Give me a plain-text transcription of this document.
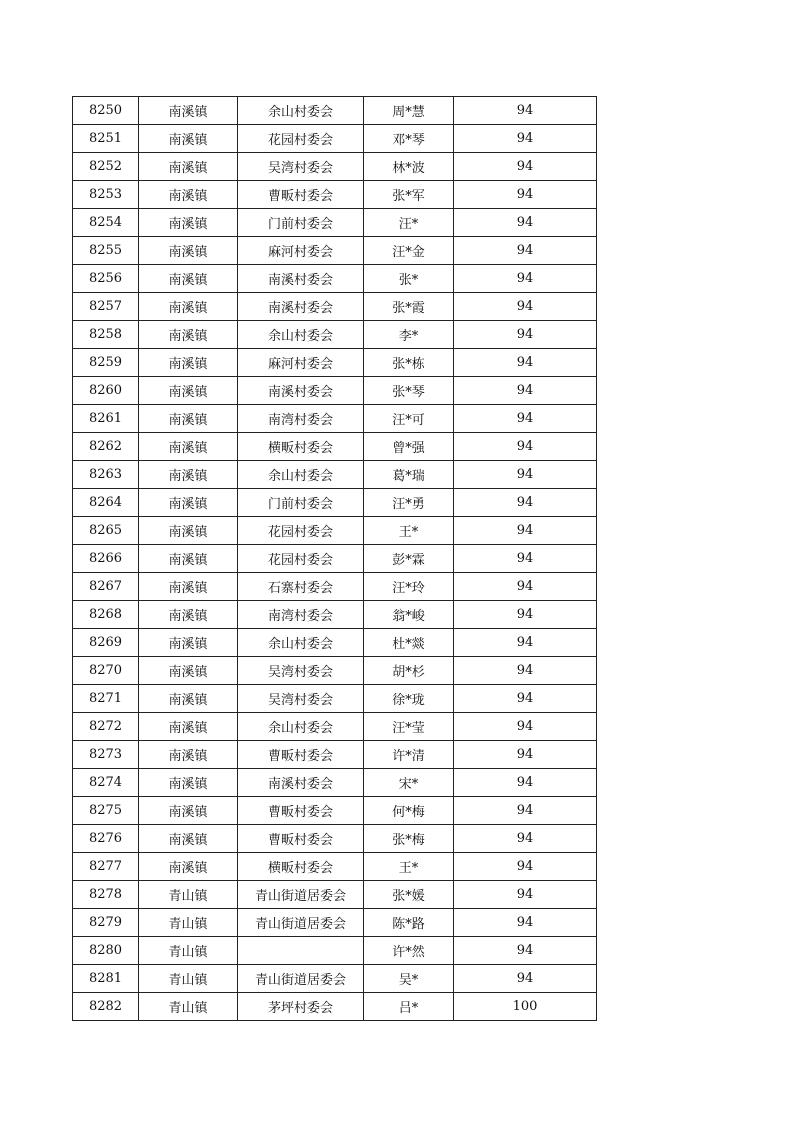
8250	南溪镇	余山村委会	周*慧	94
8251	南溪镇	花园村委会	邓*琴	94
8252	南溪镇	吴湾村委会	林*波	94
8253	南溪镇	曹畈村委会	张*军	94
8254	南溪镇	门前村委会	汪*	94
8255	南溪镇	麻河村委会	汪*金	94
8256	南溪镇	南溪村委会	张*	94
8257	南溪镇	南溪村委会	张*霞	94
8258	南溪镇	余山村委会	李*	94
8259	南溪镇	麻河村委会	张*栋	94
8260	南溪镇	南溪村委会	张*琴	94
8261	南溪镇	南湾村委会	汪*可	94
8262	南溪镇	横畈村委会	曾*强	94
8263	南溪镇	余山村委会	葛*瑞	94
8264	南溪镇	门前村委会	汪*勇	94
8265	南溪镇	花园村委会	王*	94
8266	南溪镇	花园村委会	彭*霖	94
8267	南溪镇	石寨村委会	汪*玲	94
8268	南溪镇	南湾村委会	翁*峻	94
8269	南溪镇	余山村委会	杜*燚	94
8270	南溪镇	吴湾村委会	胡*杉	94
8271	南溪镇	吴湾村委会	徐*珑	94
8272	南溪镇	余山村委会	汪*莹	94
8273	南溪镇	曹畈村委会	许*清	94
8274	南溪镇	南溪村委会	宋*	94
8275	南溪镇	曹畈村委会	何*梅	94
8276	南溪镇	曹畈村委会	张*梅	94
8277	南溪镇	横畈村委会	王*	94
8278	青山镇	青山街道居委会	张*媛	94
8279	青山镇	青山街道居委会	陈*路	94
8280	青山镇		许*然	94
8281	青山镇	青山街道居委会	吴*	94
8282	青山镇	茅坪村委会	吕*	100
